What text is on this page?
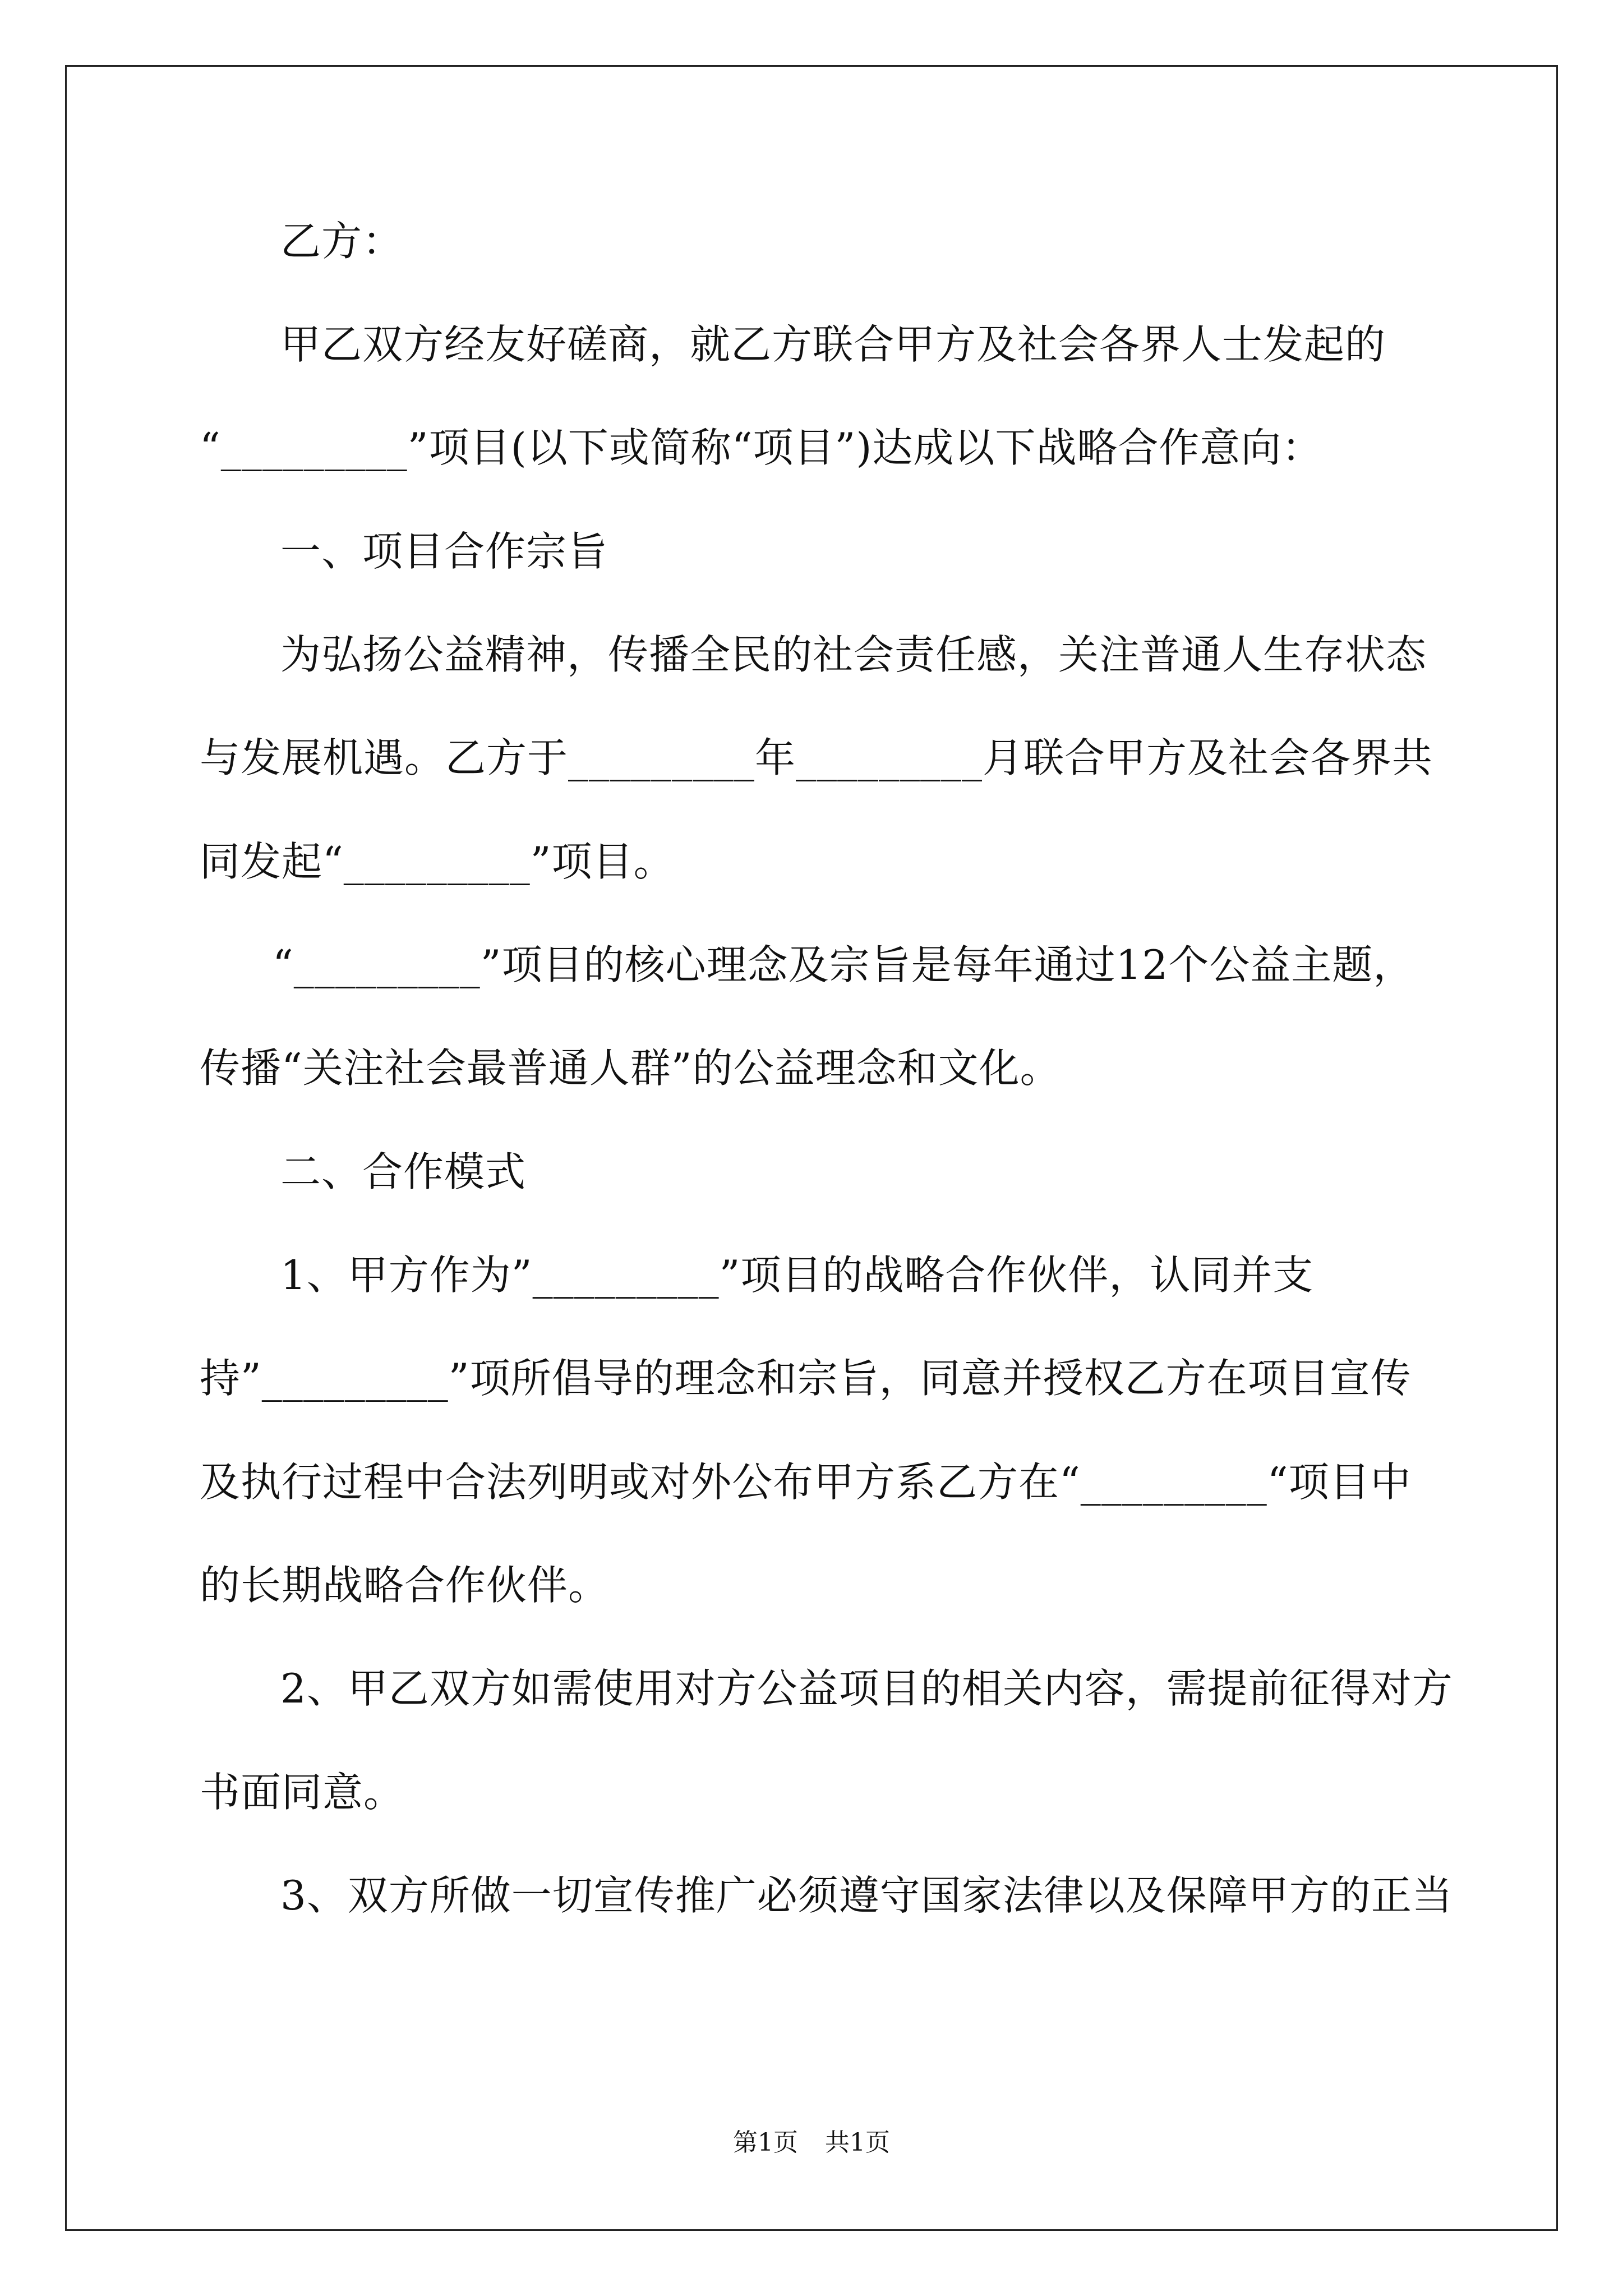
乙方：
甲乙双方经友好磋商，就乙方联合甲方及社会各界人士发起的
“_________”项目(以下或简称“项目”)达成以下战略合作意向：
一、项目合作宗旨
为弘扬公益精神，传播全民的社会责任感，关注普通人生存状态
与发展机遇。乙方于_________年_________月联合甲方及社会各界共
同发起“_________”项目。
“_________”项目的核心理念及宗旨是每年通过12个公益主题，
传播“关注社会最普通人群”的公益理念和文化。
二、合作模式
1、甲方作为”_________”项目的战略合作伙伴，认同并支
持”_________”项所倡导的理念和宗旨，同意并授权乙方在项目宣传
及执行过程中合法列明或对外公布甲方系乙方在“_________“项目中
的长期战略合作伙伴。
2、甲乙双方如需使用对方公益项目的相关内容，需提前征得对方
书面同意。
3、双方所做一切宣传推广必须遵守国家法律以及保障甲方的正当
第1页 共1页
